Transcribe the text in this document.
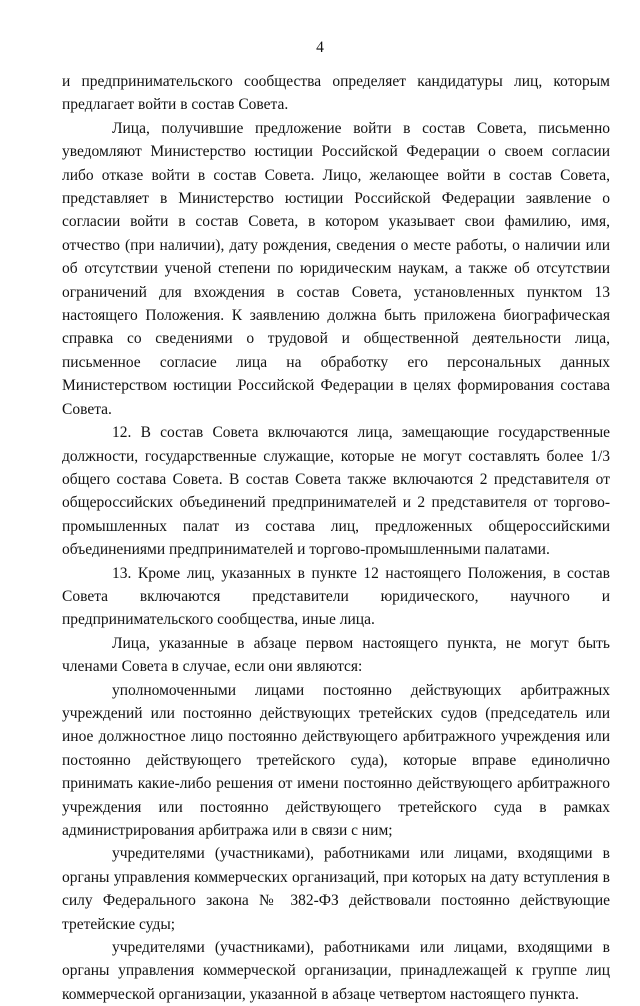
4

и предпринимательского сообщества определяет кандидатуры лиц, которым предлагает войти в состав Совета.

Лица, получившие предложение войти в состав Совета, письменно уведомляют Министерство юстиции Российской Федерации о своем согласии либо отказе войти в состав Совета. Лицо, желающее войти в состав Совета, представляет в Министерство юстиции Российской Федерации заявление о согласии войти в состав Совета, в котором указывает свои фамилию, имя, отчество (при наличии), дату рождения, сведения о месте работы, о наличии или об отсутствии ученой степени по юридическим наукам, а также об отсутствии ограничений для вхождения в состав Совета, установленных пунктом 13 настоящего Положения. К заявлению должна быть приложена биографическая справка со сведениями о трудовой и общественной деятельности лица, письменное согласие лица на обработку его персональных данных Министерством юстиции Российской Федерации в целях формирования состава Совета.

12. В состав Совета включаются лица, замещающие государственные должности, государственные служащие, которые не могут составлять более 1/3 общего состава Совета. В состав Совета также включаются 2 представителя от общероссийских объединений предпринимателей и 2 представителя от торгово-промышленных палат из состава лиц, предложенных общероссийскими объединениями предпринимателей и торгово-промышленными палатами.

13. Кроме лиц, указанных в пункте 12 настоящего Положения, в состав Совета включаются представители юридического, научного и предпринимательского сообщества, иные лица.

Лица, указанные в абзаце первом настоящего пункта, не могут быть членами Совета в случае, если они являются:

уполномоченными лицами постоянно действующих арбитражных учреждений или постоянно действующих третейских судов (председатель или иное должностное лицо постоянно действующего арбитражного учреждения или постоянно действующего третейского суда), которые вправе единолично принимать какие-либо решения от имени постоянно действующего арбитражного учреждения или постоянно действующего третейского суда в рамках администрирования арбитража или в связи с ним;

учредителями (участниками), работниками или лицами, входящими в органы управления коммерческих организаций, при которых на дату вступления в силу Федерального закона № 382-ФЗ действовали постоянно действующие третейские суды;

учредителями (участниками), работниками или лицами, входящими в органы управления коммерческой организации, принадлежащей к группе лиц коммерческой организации, указанной в абзаце четвертом настоящего пункта.
